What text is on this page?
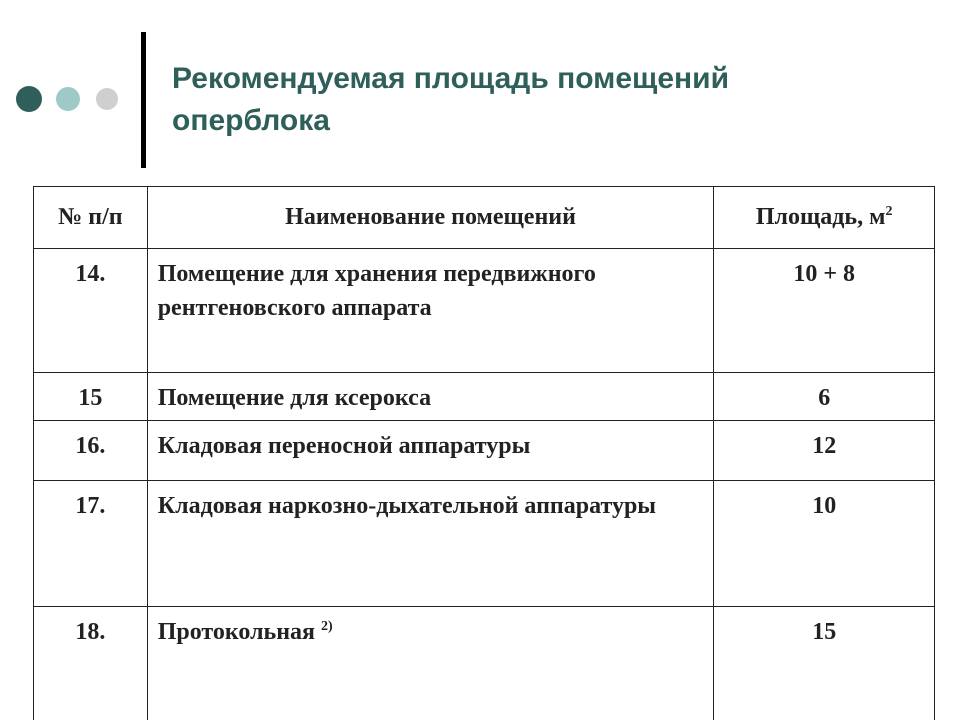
Рекомендуемая площадь помещений
оперблока
№ п/п	Наименование помещений	Площадь, $м^2$

14.	Помещение для хранения передвижного рентгеновского аппарата	10 + 8

15	Помещение для ксерокса	6

16.	Кладовая переносной аппаратуры	12

17.	Кладовая наркозно-дыхательной аппаратуры	10

18.	Протокольная $^{2)}$	15
